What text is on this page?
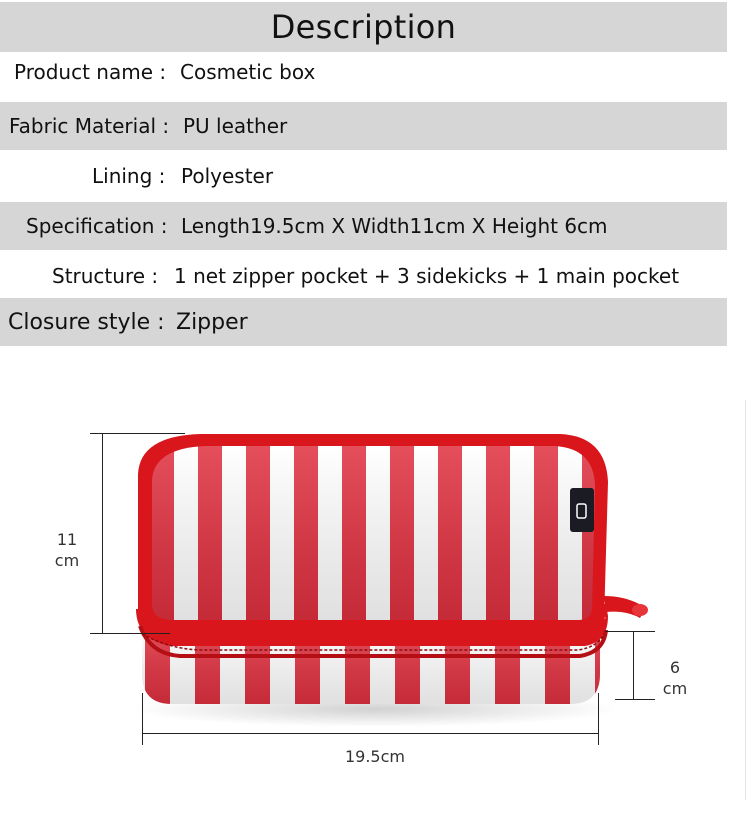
Description
Product name : Cosmetic box
Fabric Material : PU leather
Lining : Polyester
Specification : Length19.5cm X Width11cm X Height 6cm
Structure : 1 net zipper pocket + 3 sidekicks + 1 main pocket
Closure style : Zipper
11
cm
6
cm
19.5cm
